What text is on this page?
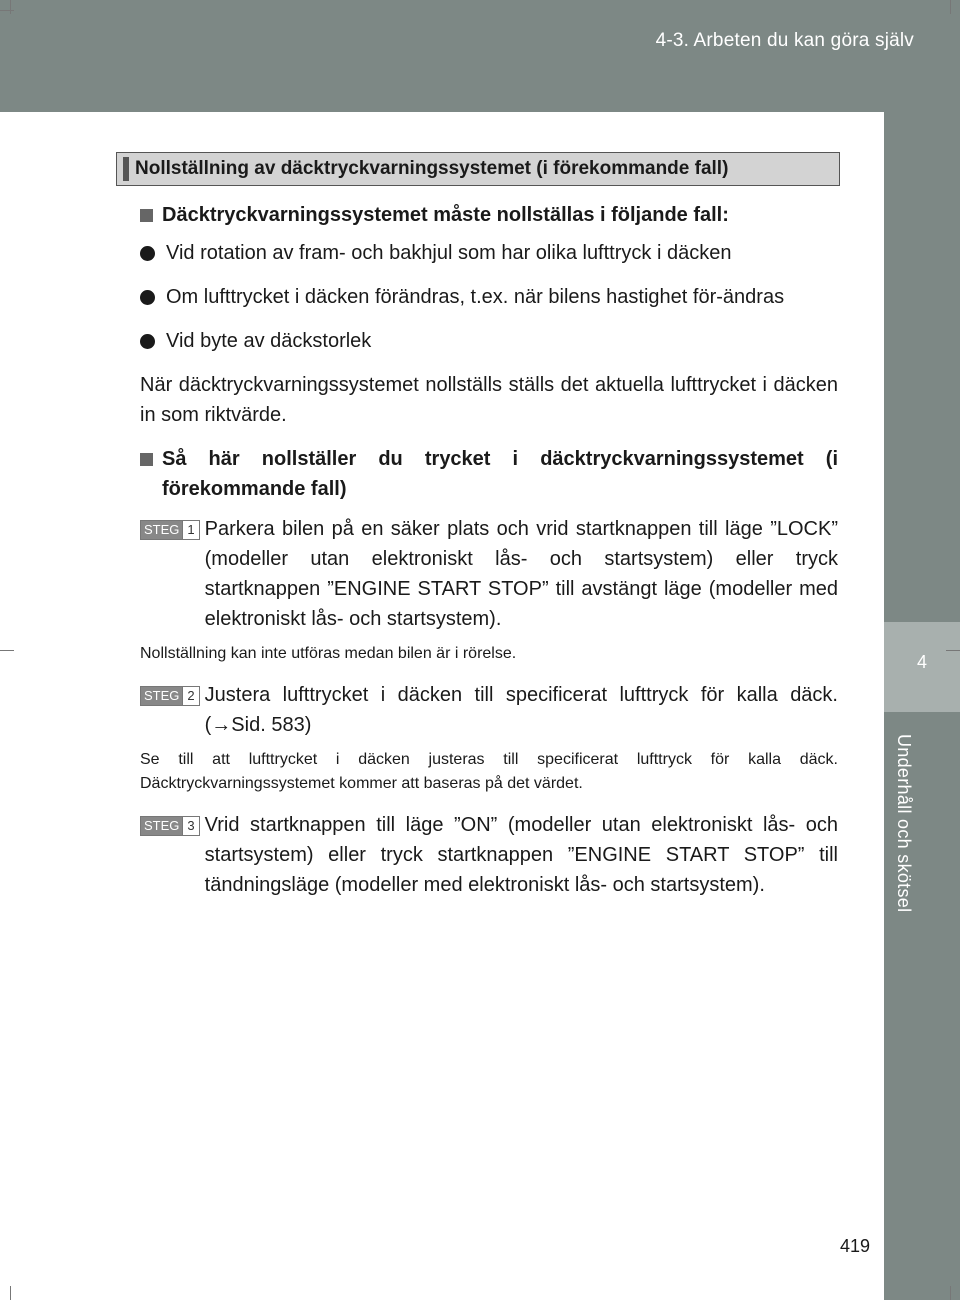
4-3. Arbeten du kan göra själv
4
Underhåll och skötsel
Nollställning av däcktryckvarningssystemet (i förekommande fall)

Däcktryckvarningssystemet måste nollställas i följande fall:

Vid rotation av fram- och bakhjul som har olika lufttryck i däcken

Om lufttrycket i däcken förändras, t.ex. när bilens hastighet för-ändras

Vid byte av däckstorlek

När däcktryckvarningssystemet nollställs ställs det aktuella lufttrycket i däcken in som riktvärde.

Så här nollställer du trycket i däcktryckvarningssystemet (i förekommande fall)

STEG 1 Parkera bilen på en säker plats och vrid startknappen till läge ”LOCK” (modeller utan elektroniskt lås- och startsystem) eller tryck startknappen ”ENGINE START STOP” till avstängt läge (modeller med elektroniskt lås- och startsystem).

Nollställning kan inte utföras medan bilen är i rörelse.

STEG 2 Justera lufttrycket i däcken till specificerat lufttryck för kalla däck. (→Sid. 583)

Se till att lufttrycket i däcken justeras till specificerat lufttryck för kalla däck. Däcktryckvarningssystemet kommer att baseras på det värdet.

STEG 3 Vrid startknappen till läge ”ON” (modeller utan elektroniskt lås- och startsystem) eller tryck startknappen ”ENGINE START STOP” till tändningsläge (modeller med elektroniskt lås- och startsystem).
419
